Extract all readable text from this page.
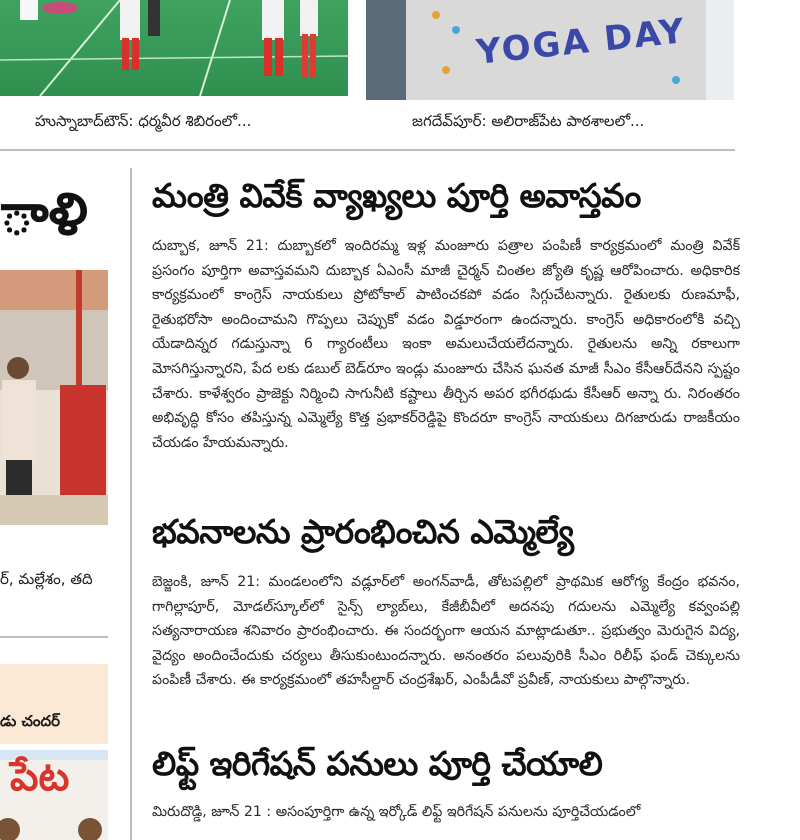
YOGA DAY
హుస్నాబాద్‌టౌన్‌: ధర్మవీర శిబిరంలో...	జగదేవ్‌పూర్‌: అలిరాజ్‌పేట పాఠశాలలో...
ాళి
ర్‌, మల్లేశం, తది
డు చందర్‌
పేట
మంత్రి వివేక్‌ వ్యాఖ్యలు పూర్తి అవాస్తవం

దుబ్బాక, జూన్‌ 21: దుబ్బాకలో ఇందిరమ్మ ఇళ్ల మంజూరు పత్రాల పంపిణీ కార్యక్రమంలో మంత్రి వివేక్‌ ప్రసంగం పూర్తిగా అవాస్తవమని దుబ్బాక ఏఎంసీ మాజీ చైర్మన్‌ చింతల జ్యోతి కృష్ణ ఆరోపించారు. అధికారిక కార్యక్రమంలో కాంగ్రెస్‌ నాయకులు ప్రోటోకాల్‌ పాటించకపో వడం సిగ్గుచేటన్నారు. రైతులకు రుణమాఫీ, రైతుభరోసా అందించామని గొప్పలు చెప్పుకో వడం విడ్డూరంగా ఉందన్నారు. కాంగ్రెస్‌ అధికారంలోకి వచ్చి యేడాదిన్నర గడుస్తున్నా 6 గ్యారంటీలు ఇంకా అమలుచేయలేదన్నారు. రైతులను అన్ని రకాలుగా మోసగిస్తున్నారని, పేద లకు డబుల్‌ బెడ్‌రూం ఇండ్లు మంజూరు చేసిన ఘనత మాజీ సీఎం కేసీఆర్‌దేనని స్పష్టం చేశారు. కాళేశ్వరం ప్రాజెక్టు నిర్మించి సాగునీటి కష్టాలు తీర్చిన అపర భగీరథుడు కేసీఆర్‌ అన్నా రు. నిరంతరం అభివృద్ధి కోసం తపిస్తున్న ఎమ్మెల్యే కొత్త ప్రభాకర్‌రెడ్డిపై కొందరూ కాంగ్రెస్‌ నాయకులు దిగజారుడు రాజకీయం చేయడం హేయమన్నారు.

భవనాలను ప్రారంభించిన ఎమ్మెల్యే

బెజ్జంకి, జూన్‌ 21: మండలంలోని వడ్లూర్‌లో అంగన్‌వాడీ, తోటపల్లిలో ప్రాథమిక ఆరోగ్య కేంద్రం భవనం, గాగిల్లాపూర్‌, మోడల్‌స్కూల్‌లో సైన్స్‌ ల్యాబ్‌లు, కేజీబీవీలో అదనపు గదులను ఎమ్మెల్యే కవ్వంపల్లి సత్యనారాయణ శనివారం ప్రారంభించారు. ఈ సందర్భంగా ఆయన మాట్లాడుతూ.. ప్రభుత్వం మెరుగైన విద్య, వైద్యం అందించేందుకు చర్యలు తీసుకుంటుందన్నారు. అనంతరం పలువురికి సీఎం రిలీఫ్‌ ఫండ్‌ చెక్కులను పంపిణీ చేశారు. ఈ కార్యక్రమంలో తహసీల్దార్‌ చంద్రశేఖర్‌, ఎంపీడీవో ప్రవీణ్‌, నాయకులు పాల్గొన్నారు.

లిఫ్ట్‌ ఇరిగేషన్‌ పనులు పూర్తి చేయాలి

మిరుదొడ్డి, జూన్‌ 21 : అసంపూర్తిగా ఉన్న ఇర్కోడ్‌ లిఫ్ట్‌ ఇరిగేషన్‌ పనులను పూర్తిచేయడంలో
